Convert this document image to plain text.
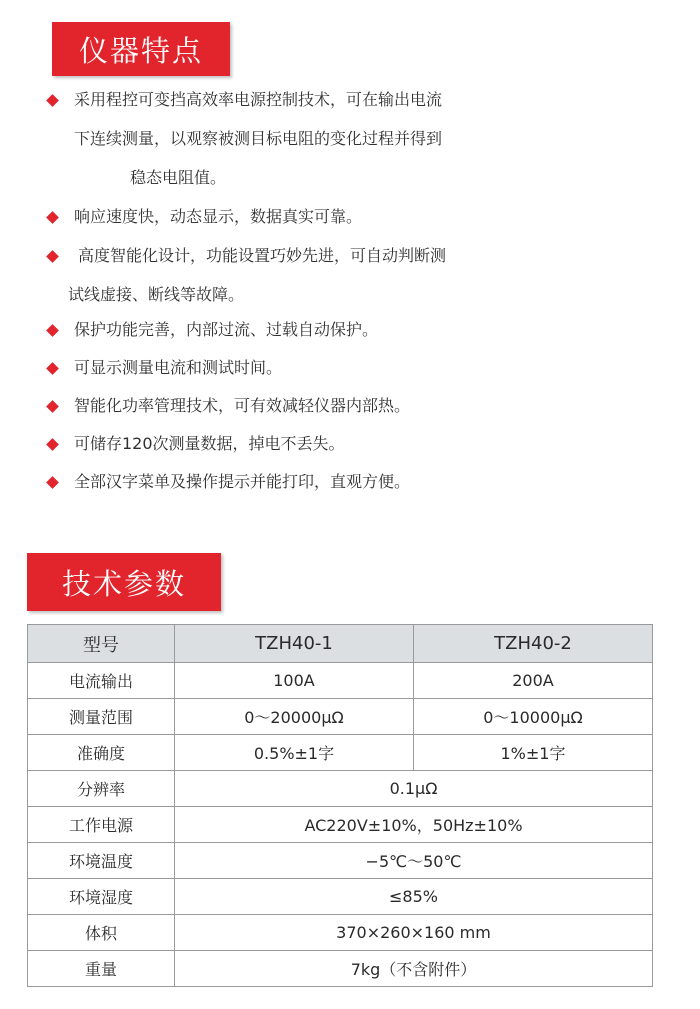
仪器特点
采用程控可变挡高效率电源控制技术，可在输出电流
下连续测量，以观察被测目标电阻的变化过程并得到
稳态电阻值。
响应速度快，动态显示，数据真实可靠。
高度智能化设计，功能设置巧妙先进，可自动判断测
试线虚接、断线等故障。
保护功能完善，内部过流、过载自动保护。
可显示测量电流和测试时间。
智能化功率管理技术，可有效减轻仪器内部热。
可储存120次测量数据，掉电不丢失。
全部汉字菜单及操作提示并能打印，直观方便。
技术参数
型号	TZH40-1	TZH40-2
电流输出	100A	200A
测量范围	0～20000μΩ	0～10000μΩ
准确度	0.5%±1字	1%±1字
分辨率	0.1μΩ	
工作电源	AC220V±10%，50Hz±10%	
环境温度	−5℃～50℃	
环境湿度	≤85%	
体积	370×260×160 mm	
重量	7kg（不含附件）	
